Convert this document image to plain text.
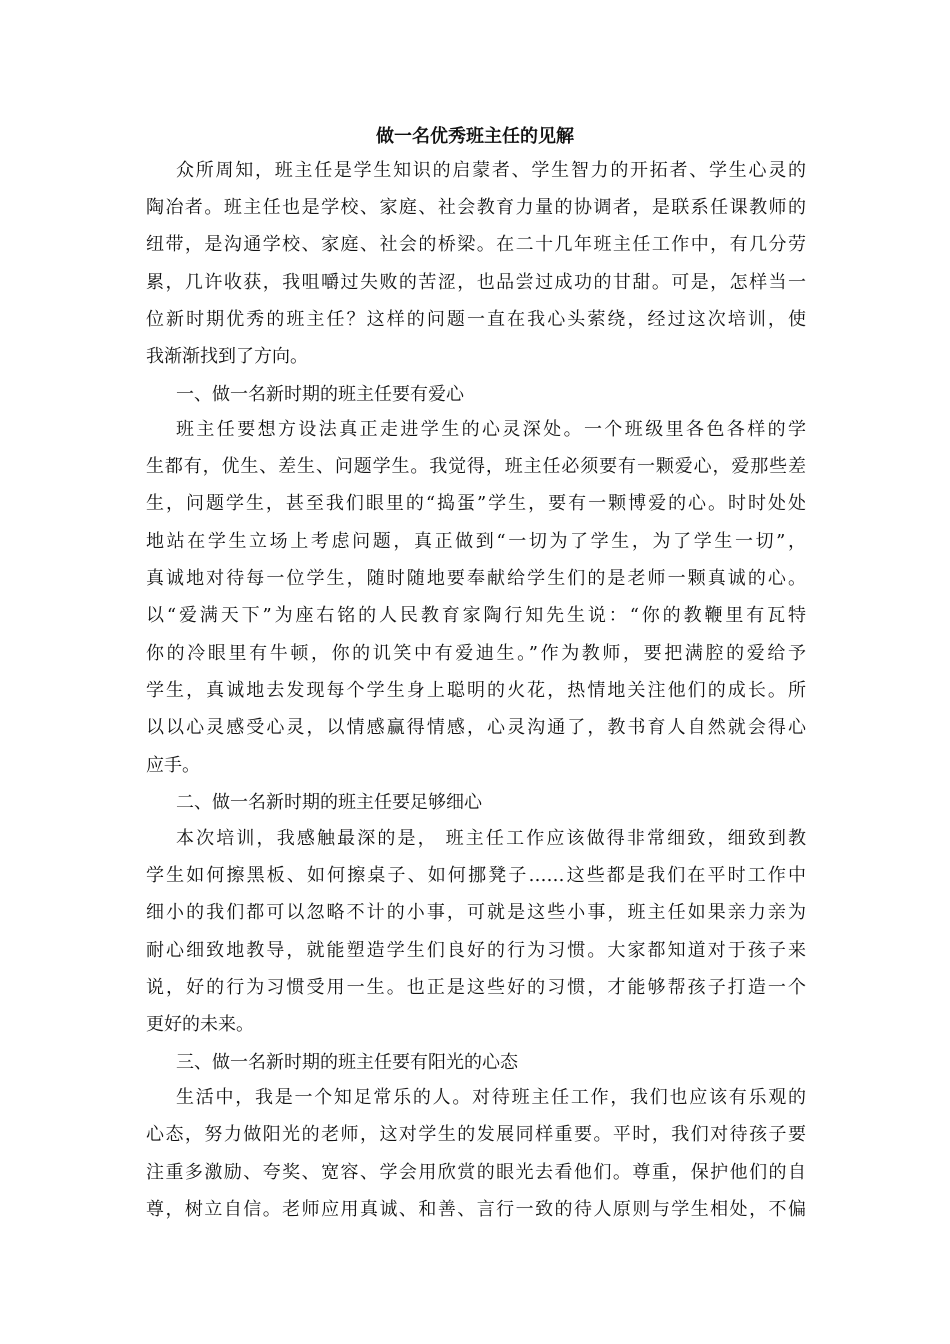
做一名优秀班主任的见解
众所周知，班主任是学生知识的启蒙者、学生智力的开拓者、学生心灵的
陶冶者。班主任也是学校、家庭、社会教育力量的协调者，是联系任课教师的
纽带，是沟通学校、家庭、社会的桥梁。在二十几年班主任工作中，有几分劳
累，几许收获，我咀嚼过失败的苦涩，也品尝过成功的甘甜。可是，怎样当一
位新时期优秀的班主任？这样的问题一直在我心头萦绕，经过这次培训，使
我渐渐找到了方向。
一、做一名新时期的班主任要有爱心
班主任要想方设法真正走进学生的心灵深处。一个班级里各色各样的学
生都有，优生、差生、问题学生。我觉得，班主任必须要有一颗爱心，爱那些差
生，问题学生，甚至我们眼里的“捣蛋”学生，要有一颗博爱的心。时时处处
地站在学生立场上考虑问题，真正做到“一切为了学生，为了学生一切”，
真诚地对待每一位学生，随时随地要奉献给学生们的是老师一颗真诚的心。
以“爱满天下”为座右铭的人民教育家陶行知先生说：“你的教鞭里有瓦特
你的冷眼里有牛顿，你的讥笑中有爱迪生。”作为教师，要把满腔的爱给予
学生，真诚地去发现每个学生身上聪明的火花，热情地关注他们的成长。所
以以心灵感受心灵，以情感赢得情感，心灵沟通了，教书育人自然就会得心
应手。
二、做一名新时期的班主任要足够细心
本次培训，我感触最深的是， 班主任工作应该做得非常细致，细致到教
学生如何擦黑板、如何擦桌子、如何挪凳子……这些都是我们在平时工作中
细小的我们都可以忽略不计的小事，可就是这些小事，班主任如果亲力亲为
耐心细致地教导，就能塑造学生们良好的行为习惯。大家都知道对于孩子来
说，好的行为习惯受用一生。也正是这些好的习惯，才能够帮孩子打造一个
更好的未来。
三、做一名新时期的班主任要有阳光的心态
生活中，我是一个知足常乐的人。对待班主任工作，我们也应该有乐观的
心态，努力做阳光的老师，这对学生的发展同样重要。平时，我们对待孩子要
注重多激励、夸奖、宽容、学会用欣赏的眼光去看他们。尊重，保护他们的自
尊，树立自信。老师应用真诚、和善、言行一致的待人原则与学生相处，不偏
